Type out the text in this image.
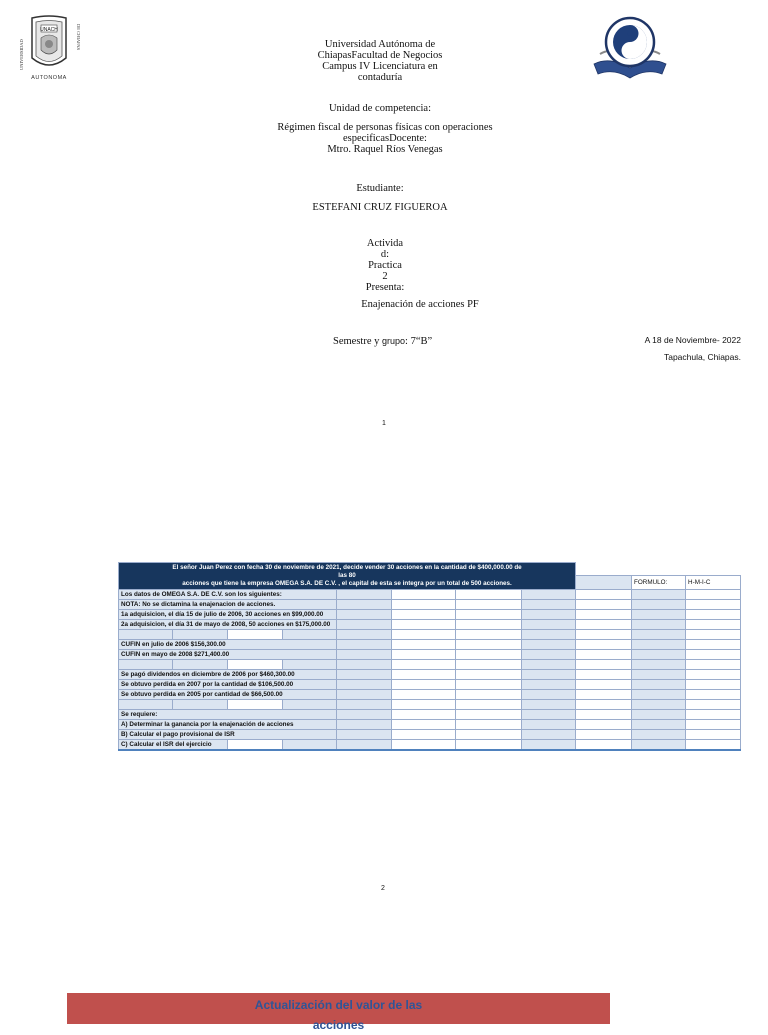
UNACH
AUTONOMA
UNIVERSIDAD
DE CHIAPAS	Universidad Autónoma de
ChiapasFacultad de Negocios
Campus IV Licenciatura en
contaduría
Unidad de competencia:
Régimen fiscal de personas físicas con operaciones
especificasDocente:
Mtro. Raquel Ríos Venegas
Estudiante:
ESTEFANI CRUZ FIGUEROA
Activida
d:
Practica
2
Presenta:
Enajenación de acciones PF
Semestre y grupo: 7“B”	A 18 de Noviembre- 2022
Tapachula, Chiapas.
1
El señor Juan Perez con fecha 30 de noviembre de 2021, decide vender 30 acciones en la cantidad de $400,000.00 de
las 80
acciones que tiene la empresa OMEGA S.A. DE C.V. , el capital de esta se integra por un total de 500 acciones.										

									FORMULO:	H-M-I-C
Los datos de OMEGA S.A. DE C.V. son los siguientes:										
NOTA: No se dictamina la enajenacion de acciones.										
1a adquisicion, el día 15 de julio de 2006, 30 acciones en $99,000.00										
2a adquisicion, el día 31 de mayo de 2008, 50 acciones en $175,000.00										

CUFIN en julio de 2006 $156,300.00										
CUFIN en mayo de 2008 $271,400.00										

Se pagó dividendos en diciembre de 2006 por $460,300.00										
Se obtuvo perdida en 2007 por la cantidad de $106,500.00										
Se obtuvo perdida en 2005 por cantidad de $66,500.00										

Se requiere:										
A) Determinar la ganancia por la enajenación de acciones										
B) Calcular el pago provisional de ISR										
C) Calcular el ISR del ejercicio										
2
Actualización del valor de las
acciones
